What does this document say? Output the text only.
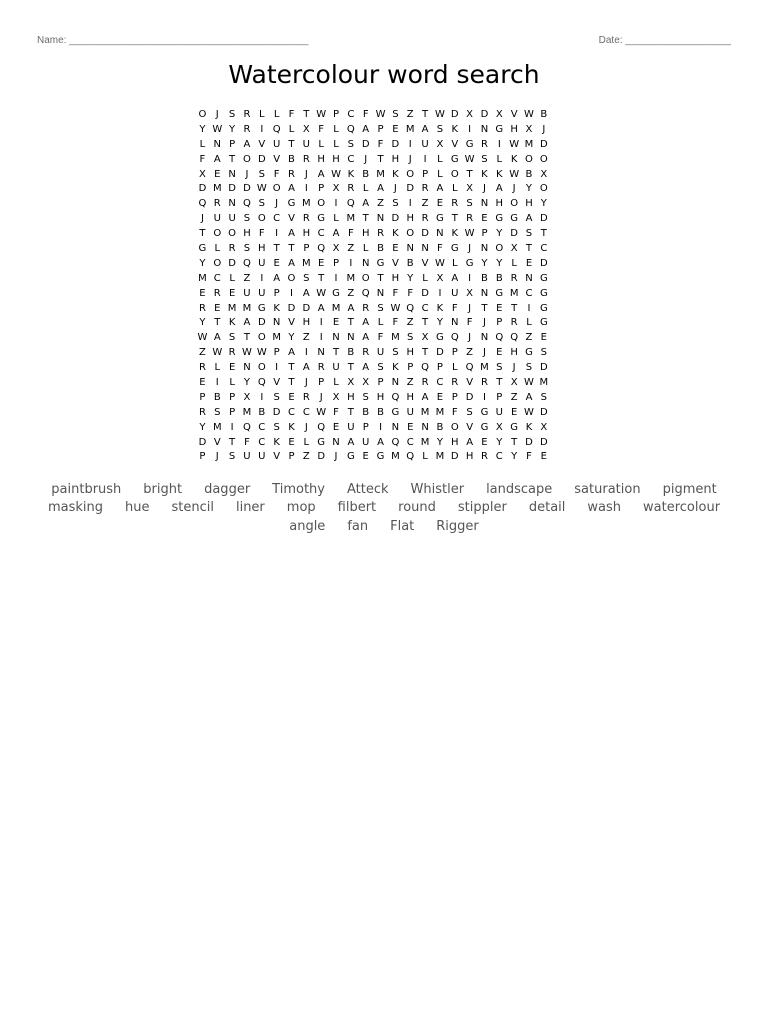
Name: ___________________________________________	Date: ___________________
Watercolour word search
O J	S R L L F T W P C F W S Z T W D X D X V W B
Y W Y R I Q L X F L Q A P E M A S K	I N G H X J
L N P A V U T U L L S D F D I U X V G R I W M D
F A T O D V B R H H C J	T H J	I	L G W S L K O O
X E N J	S F R J A W K B M K O P L O T K K W B X
D M D D W O A I	P X R L A J D R A L X J A J	Y O
Q R N Q S	J G M O I Q A Z S	I Z E R S N H O H Y
J U U S O C V R G L M T N D H R G T R E G G A D
T O O H F	I A H C A F H R K O D N K W P Y D S T
G L R S H T T P Q X Z L B E N N F G J N O X T C
Y O D Q U E A M E P	I N G V B V W L G Y Y L E D
M C L Z I A O S T	I M O T H Y L X A I B B R N G
E R E U U P	I A W G Z Q N F F D I U X N G M C G
R E M M G K D D A M A R S W Q C K F	J	T E T	I G
Y T K A D N V H I	E T A L F Z T Y N F	J	P R L G
W A S T O M Y Z I N N A F M S X G Q J N Q Q Z E
Z W R W W P A I N T B R U S H T D P Z J	E H G S
R L E N O I	T A R U T A S K P Q P L Q M S	J	S D
E	I	L Y Q V T	J	P L X X P N Z R C R V R T X W M
P B P X I	S E R J X H S H Q H A E P D I	P Z A S
R S P M B D C C W F T B B G U M M F S G U E W D
Y M I Q C S K	J Q E U P	I N E N B O V G X G K X
D V T F C K E L G N A U A Q C M Y H A E Y T D D
P	J	S U U V P Z D J G E G M Q L M D H R C Y F E
paintbrush bright dagger Timothy Atteck Whistler landscape saturation pigment
masking hue stencil liner mop filbert round stippler detail wash watercolour
angle fan Flat Rigger
